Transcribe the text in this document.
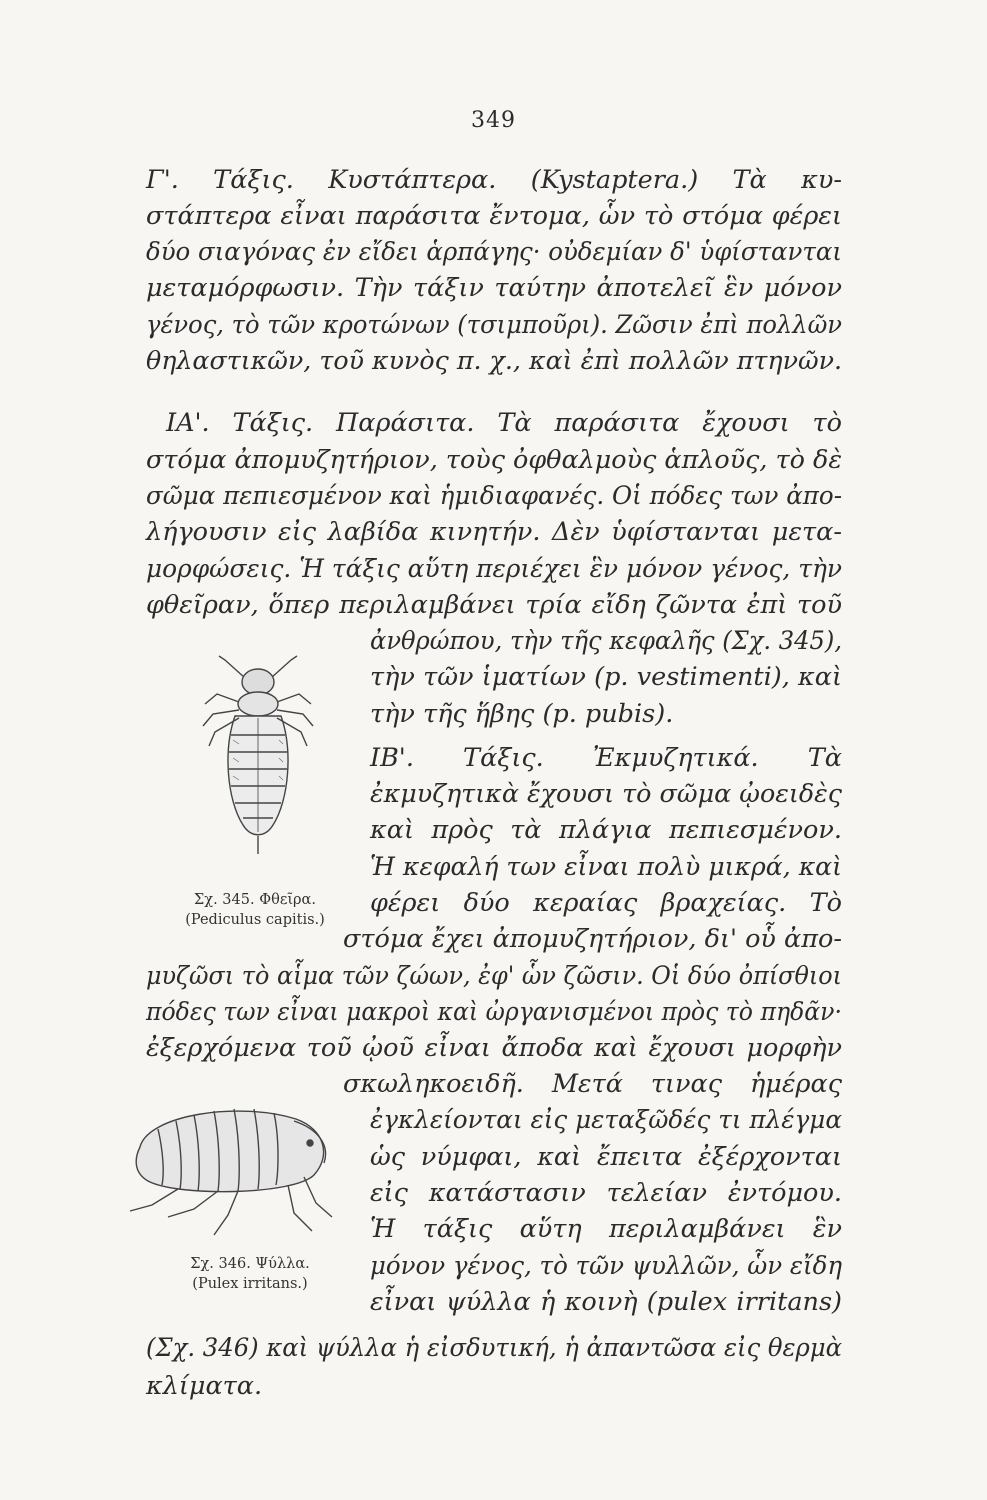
349
Γ'. Τάξις. Κυστάπτερα. (Kystaptera.) Τὰ κυ-
στάπτερα εἶναι παράσιτα ἔντομα, ὧν τὸ στόμα φέρει
δύο σιαγόνας ἐν εἴδει ἁρπάγης· οὐδεμίαν δ' ὑφίστανται
μεταμόρφωσιν. Τὴν τάξιν ταύτην ἀποτελεῖ ἓν μόνον
γένος, τὸ τῶν κροτώνων (τσιμποῦρι). Ζῶσιν ἐπὶ πολλῶν
θηλαστικῶν, τοῦ κυνὸς π. χ., καὶ ἐπὶ πολλῶν πτηνῶν.
ΙΑ'. Τάξις. Παράσιτα. Τὰ παράσιτα ἔχουσι τὸ
στόμα ἀπομυζητήριον, τοὺς ὀφθαλμοὺς ἁπλοῦς, τὸ δὲ
σῶμα πεπιεσμένον καὶ ἡμιδιαφανές. Οἱ πόδες των ἀπο-
λήγουσιν εἰς λαβίδα κινητήν. Δὲν ὑφίστανται μετα-
μορφώσεις. Ἡ τάξις αὕτη περιέχει ἓν μόνον γένος, τὴν
φθεῖραν, ὅπερ περιλαμβάνει τρία εἴδη ζῶντα ἐπὶ τοῦ
ἀνθρώπου, τὴν τῆς κεφαλῆς (Σχ. 345),
τὴν τῶν ἱματίων (p. vestimenti), καὶ
τὴν τῆς ἥβης (p. pubis).
ΙΒ'. Τάξις. Ἐκμυζητικά. Τὰ
ἐκμυζητικὰ ἔχουσι τὸ σῶμα ᾠοειδὲς
καὶ πρὸς τὰ πλάγια πεπιεσμένον.
Ἡ κεφαλή των εἶναι πολὺ μικρά, καὶ
φέρει δύο κεραίας βραχείας. Τὸ
στόμα ἔχει ἀπομυζητήριον, δι' οὗ ἀπο-
μυζῶσι τὸ αἷμα τῶν ζώων, ἐφ' ὧν ζῶσιν. Οἱ δύο ὀπίσθιοι
πόδες των εἶναι μακροὶ καὶ ὠργανισμένοι πρὸς τὸ πηδᾶν·
ἐξερχόμενα τοῦ ᾠοῦ εἶναι ἄποδα καὶ ἔχουσι μορφὴν
σκωληκοειδῆ. Μετά τινας ἡμέρας
ἐγκλείονται εἰς μεταξῶδές τι πλέγμα
ὡς νύμφαι, καὶ ἔπειτα ἐξέρχονται
εἰς κατάστασιν τελείαν ἐντόμου.
Ἡ τάξις αὕτη περιλαμβάνει ἓν
μόνον γένος, τὸ τῶν ψυλλῶν, ὧν εἴδη
εἶναι ψύλλα ἡ κοινὴ (pulex irritans)
(Σχ. 346) καὶ ψύλλα ἡ εἰσδυτική, ἡ ἀπαντῶσα εἰς θερμὰ
κλίματα.
Σχ. 345. Φθεῖρα.
(Pediculus capitis.)
Σχ. 346. Ψύλλα.
(Pulex irritans.)
